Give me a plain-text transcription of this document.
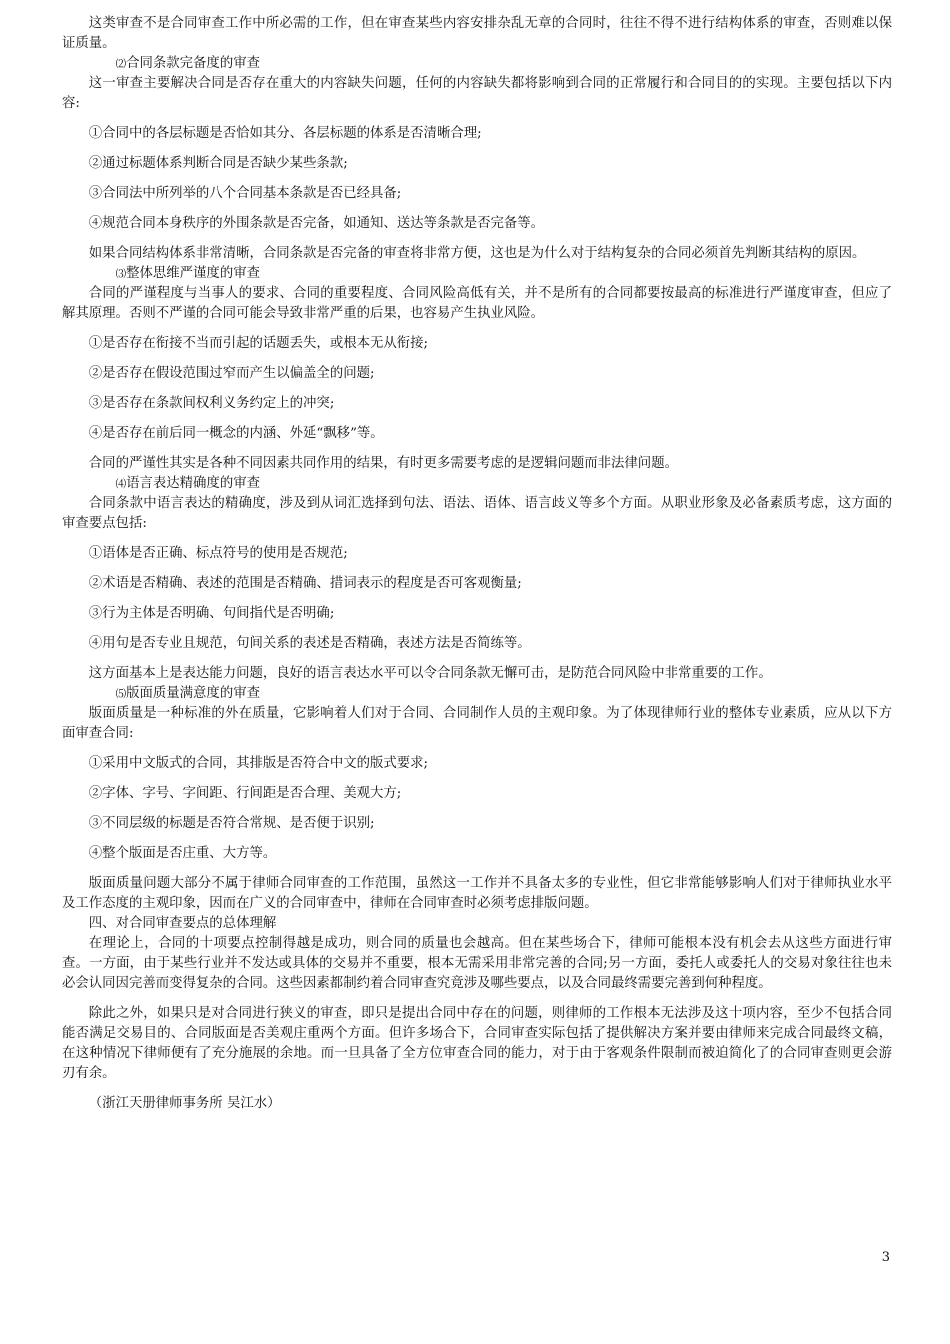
这类审查不是合同审查工作中所必需的工作，但在审查某些内容安排杂乱无章的合同时，往往不得不进行结构体系的审查，否则难以保证质量。

⑵合同条款完备度的审查

这一审查主要解决合同是否存在重大的内容缺失问题，任何的内容缺失都将影响到合同的正常履行和合同目的的实现。主要包括以下内容:

①合同中的各层标题是否恰如其分、各层标题的体系是否清晰合理;

②通过标题体系判断合同是否缺少某些条款;

③合同法中所列举的八个合同基本条款是否已经具备;

④规范合同本身秩序的外围条款是否完备，如通知、送达等条款是否完备等。

如果合同结构体系非常清晰，合同条款是否完备的审查将非常方便，这也是为什么对于结构复杂的合同必须首先判断其结构的原因。

⑶整体思维严谨度的审查

合同的严谨程度与当事人的要求、合同的重要程度、合同风险高低有关，并不是所有的合同都要按最高的标准进行严谨度审查，但应了解其原理。否则不严谨的合同可能会导致非常严重的后果，也容易产生执业风险。

①是否存在衔接不当而引起的话题丢失，或根本无从衔接;

②是否存在假设范围过窄而产生以偏盖全的问题;

③是否存在条款间权利义务约定上的冲突;

④是否存在前后同一概念的内涵、外延“飘移”等。

合同的严谨性其实是各种不同因素共同作用的结果，有时更多需要考虑的是逻辑问题而非法律问题。

⑷语言表达精确度的审查

合同条款中语言表达的精确度，涉及到从词汇选择到句法、语法、语体、语言歧义等多个方面。从职业形象及必备素质考虑，这方面的审查要点包括:

①语体是否正确、标点符号的使用是否规范;

②术语是否精确、表述的范围是否精确、措词表示的程度是否可客观衡量;

③行为主体是否明确、句间指代是否明确;

④用句是否专业且规范，句间关系的表述是否精确，表述方法是否简练等。

这方面基本上是表达能力问题，良好的语言表达水平可以令合同条款无懈可击，是防范合同风险中非常重要的工作。

⑸版面质量满意度的审查

版面质量是一种标准的外在质量，它影响着人们对于合同、合同制作人员的主观印象。为了体现律师行业的整体专业素质，应从以下方面审查合同:

①采用中文版式的合同，其排版是否符合中文的版式要求;

②字体、字号、字间距、行间距是否合理、美观大方;

③不同层级的标题是否符合常规、是否便于识别;

④整个版面是否庄重、大方等。

版面质量问题大部分不属于律师合同审查的工作范围，虽然这一工作并不具备太多的专业性，但它非常能够影响人们对于律师执业水平及工作态度的主观印象，因而在广义的合同审查中，律师在合同审查时必须考虑排版问题。

四、对合同审查要点的总体理解

在理论上，合同的十项要点控制得越是成功，则合同的质量也会越高。但在某些场合下，律师可能根本没有机会去从这些方面进行审查。一方面，由于某些行业并不发达或具体的交易并不重要，根本无需采用非常完善的合同;另一方面，委托人或委托人的交易对象往往也未必会认同因完善而变得复杂的合同。这些因素都制约着合同审查究竟涉及哪些要点，以及合同最终需要完善到何种程度。

除此之外，如果只是对合同进行狭义的审查，即只是提出合同中存在的问题，则律师的工作根本无法涉及这十项内容，至少不包括合同能否满足交易目的、合同版面是否美观庄重两个方面。但许多场合下，合同审查实际包括了提供解决方案并要由律师来完成合同最终文稿，在这种情况下律师便有了充分施展的余地。而一旦具备了全方位审查合同的能力，对于由于客观条件限制而被迫简化了的合同审查则更会游刃有余。

（浙江天册律师事务所 吴江水）

3
